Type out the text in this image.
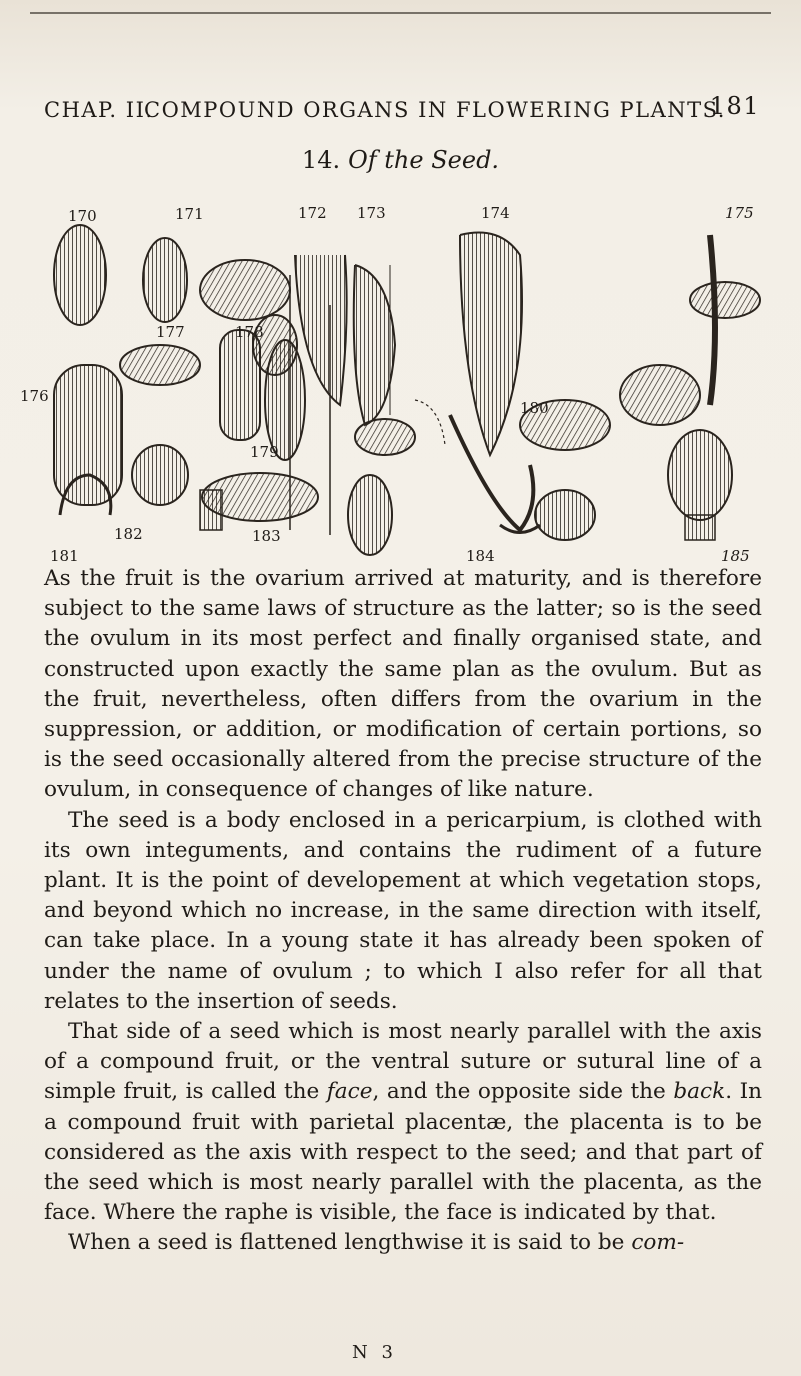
CHAP. II.
COMPOUND ORGANS IN FLOWERING PLANTS.
181
14. Of the Seed.
170	171	172 173	174	175
176
177	178
179
180
181
182	183
184	185

As the fruit is the ovarium arrived at maturity, and is therefore subject to the same laws of structure as the latter; so is the seed the ovulum in its most perfect and finally organised state, and constructed upon exactly the same plan as the ovulum. But as the fruit, nevertheless, often differs from the ovarium in the suppression, or addition, or modification of certain portions, so is the seed occasionally altered from the precise structure of the ovulum, in consequence of changes of like nature.

The seed is a body enclosed in a pericarpium, is clothed with its own integuments, and contains the rudiment of a future plant. It is the point of developement at which vegetation stops, and beyond which no increase, in the same direction with itself, can take place. In a young state it has already been spoken of under the name of ovulum ; to which I also refer for all that relates to the insertion of seeds.

That side of a seed which is most nearly parallel with the axis of a compound fruit, or the ventral suture or sutural line of a simple fruit, is called the face, and the opposite side the back. In a compound fruit with parietal placentæ, the placenta is to be considered as the axis with respect to the seed; and that part of the seed which is most nearly parallel with the placenta, as the face. Where the raphe is visible, the face is indicated by that.

When a seed is flattened lengthwise it is said to be com-

N 3
